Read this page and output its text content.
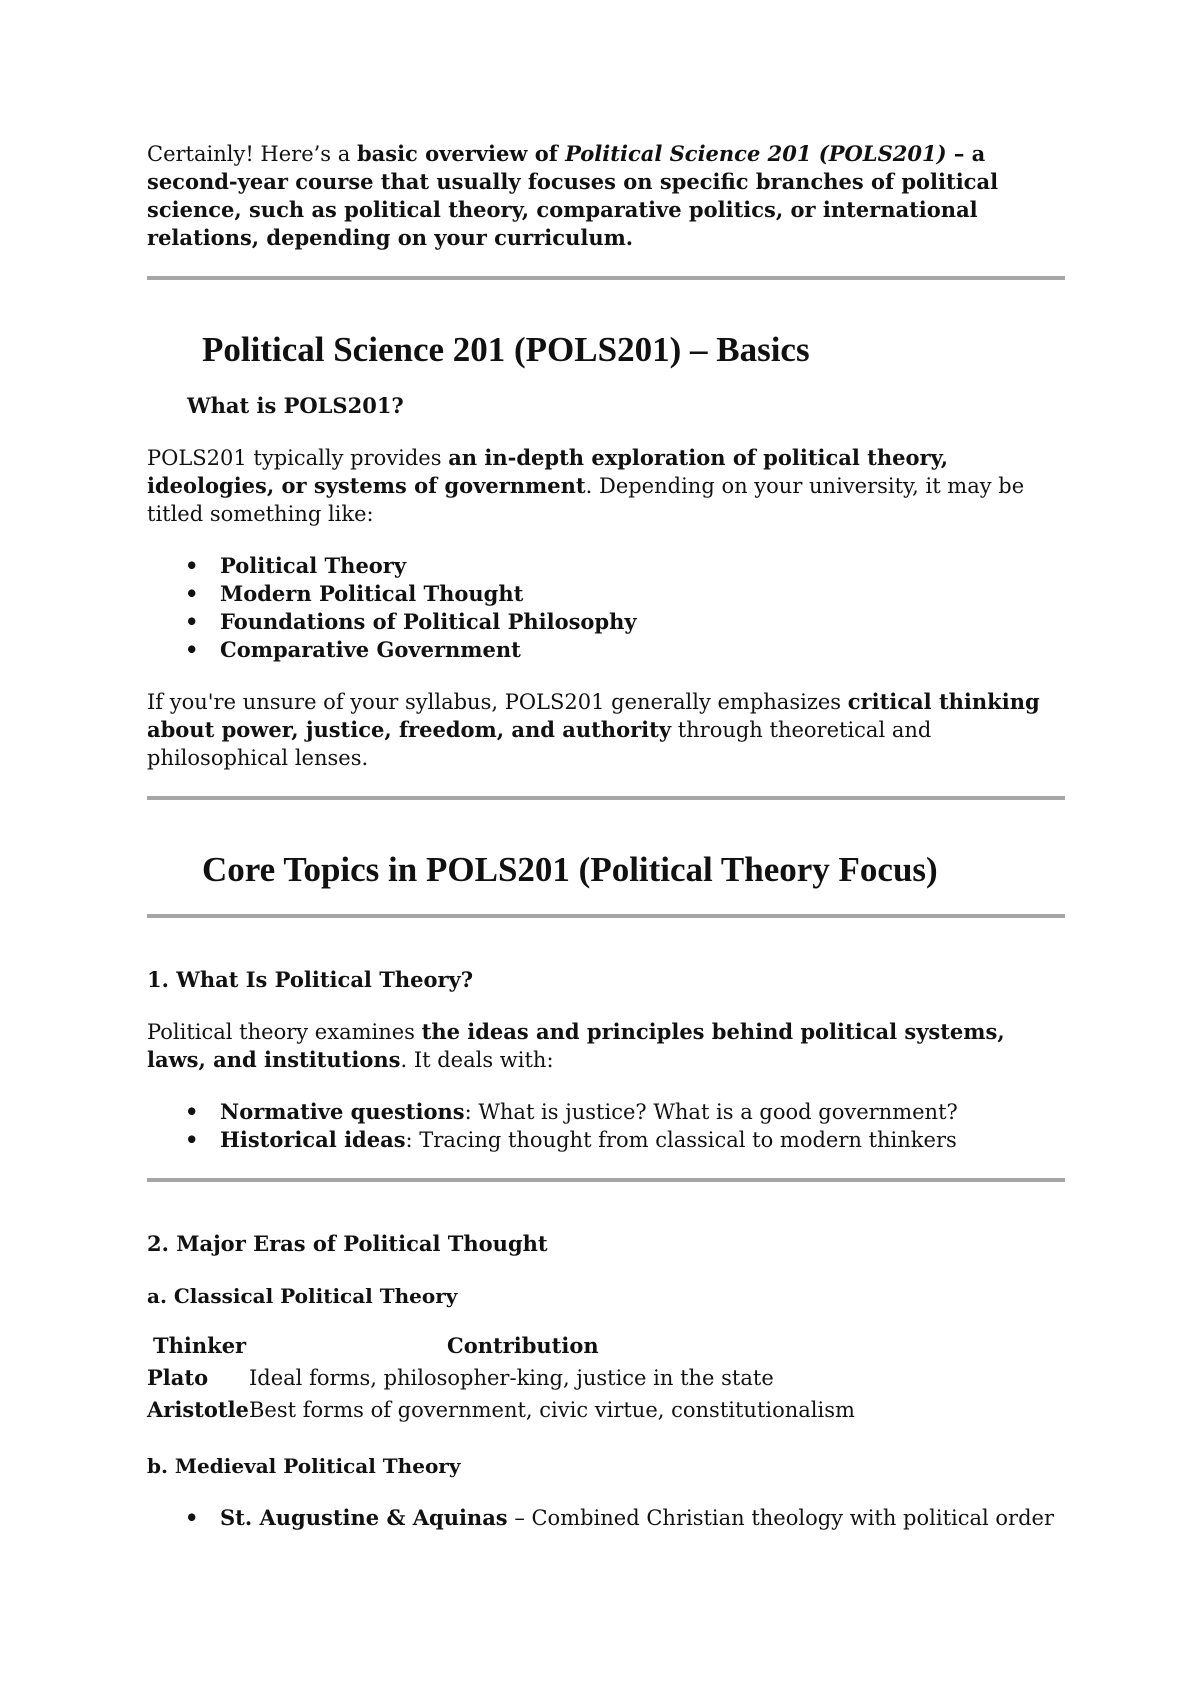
Certainly! Here’s a basic overview of Political Science 201 (POLS201) – a second-year course that usually focuses on specific branches of political science, such as political theory, comparative politics, or international relations, depending on your curriculum.

Political Science 201 (POLS201) – Basics
What is POLS201?

POLS201 typically provides an in-depth exploration of political theory, ideologies, or systems of government. Depending on your university, it may be titled something like:

• Political Theory
• Modern Political Thought
• Foundations of Political Philosophy
• Comparative Government

If you're unsure of your syllabus, POLS201 generally emphasizes critical thinking about power, justice, freedom, and authority through theoretical and philosophical lenses.

Core Topics in POLS201 (Political Theory Focus)
1. What Is Political Theory?

Political theory examines the ideas and principles behind political systems, laws, and institutions. It deals with:

• Normative questions: What is justice? What is a good government?
• Historical ideas: Tracing thought from classical to modern thinkers
2. Major Eras of Political Thought
a. Classical Political Theory
Thinker	Contribution
Plato	Ideal forms, philosopher-king, justice in the state
Aristotle	Best forms of government, civic virtue, constitutionalism
b. Medieval Political Theory
• St. Augustine & Aquinas – Combined Christian theology with political order
